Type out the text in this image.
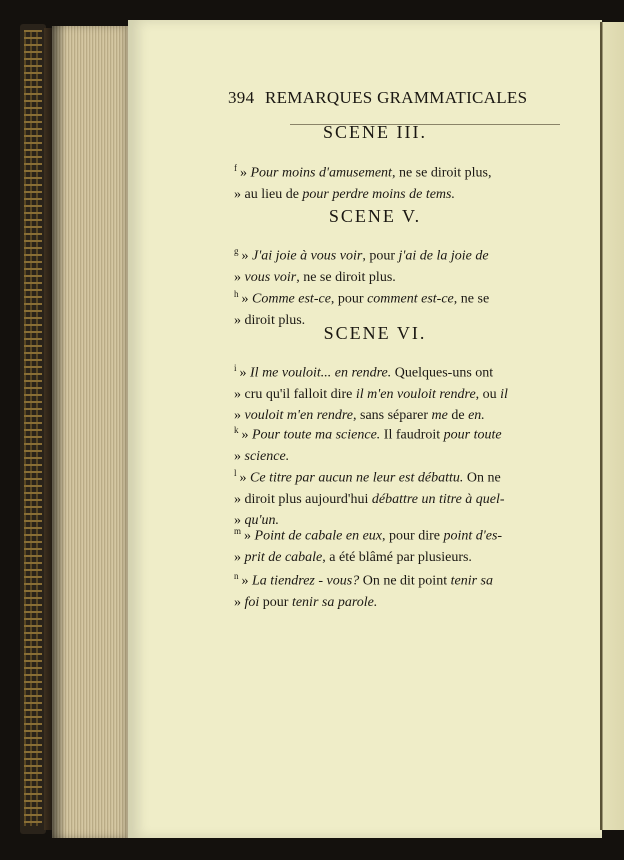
394 REMARQUES GRAMMATICALES
SCENE III.
$^f$ » Pour moins d'amusement, ne se diroit plus,
» au lieu de pour perdre moins de tems.
SCENE V.
$^g$ » J'ai joie à vous voir, pour j'ai de la joie de
» vous voir, ne se diroit plus.
$^h$ » Comme est-ce, pour comment est-ce, ne se
» diroit plus.
SCENE VI.
$^i$ » Il me vouloit... en rendre. Quelques-uns ont
» cru qu'il falloit dire il m'en vouloit rendre, ou il
» vouloit m'en rendre, sans séparer me de en.
$^k$ » Pour toute ma science. Il faudroit pour toute
» science.
$^l$ » Ce titre par aucun ne leur est débattu. On ne
» diroit plus aujourd'hui débattre un titre à quel-
» qu'un.
$^m$ » Point de cabale en eux, pour dire point d'es-
» prit de cabale, a été blâmé par plusieurs.
$^n$ » La tiendrez - vous? On ne dit point tenir sa
» foi pour tenir sa parole.
